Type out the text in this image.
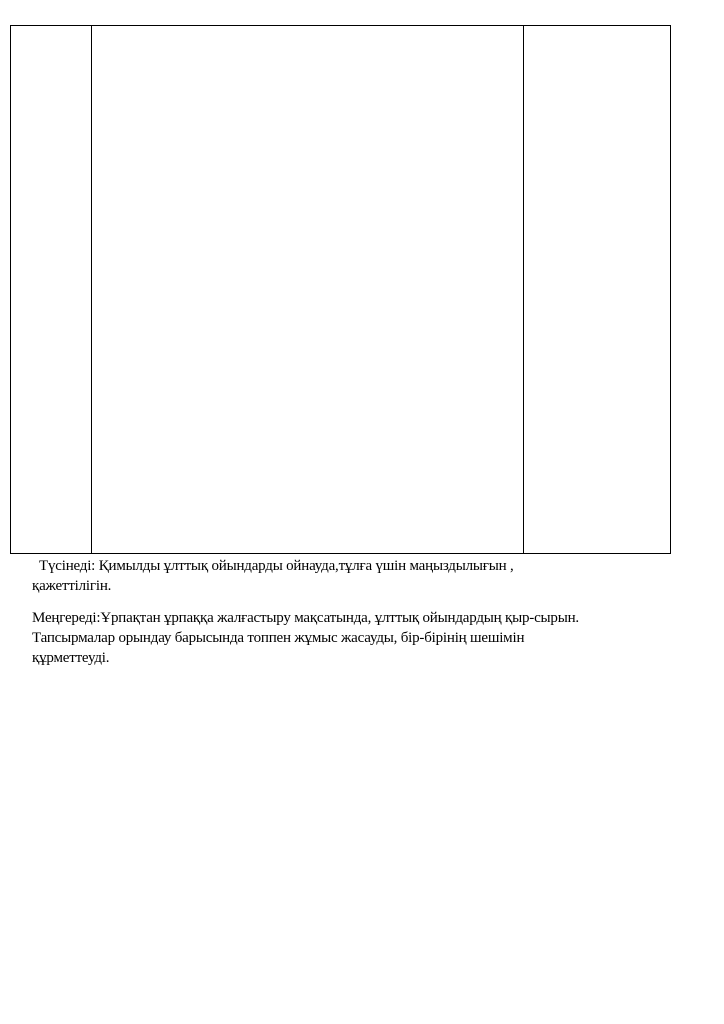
Түсінеді: Қимылды ұлттық ойындарды ойнауда,тұлға үшін маңыздылығын ,
қажеттілігін.
Меңгереді:Ұрпақтан ұрпаққа жалғастыру мақсатында, ұлттық ойындардың қыр-сырын.
Тапсырмалар орындау барысында топпен жұмыс жасауды, бір-бірінің шешімін
құрметтеуді.
